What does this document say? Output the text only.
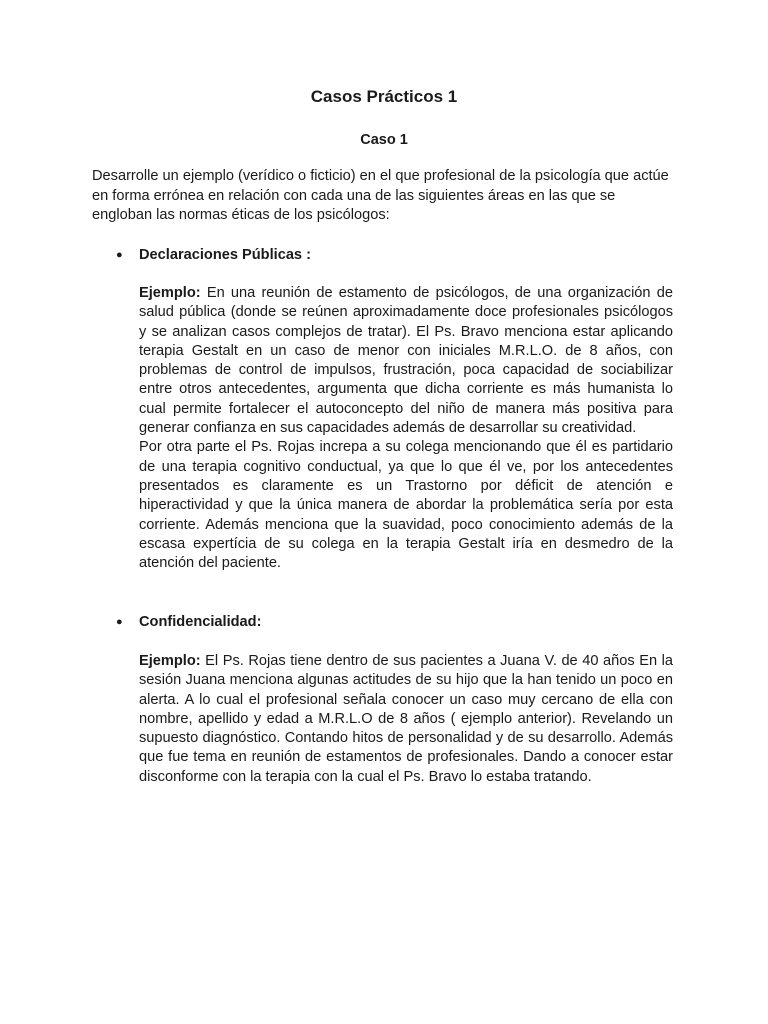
Casos Prácticos 1
Caso 1

Desarrolle un ejemplo (verídico o ficticio) en el que profesional de la psicología que actúe en forma errónea en relación con cada una de las siguientes áreas en las que se engloban las normas éticas de los psicólogos:

● Declaraciones Públicas :

Ejemplo: En una reunión de estamento de psicólogos, de una organización de salud pública (donde se reúnen aproximadamente doce profesionales psicólogos y se analizan casos complejos de tratar). El Ps. Bravo menciona estar aplicando terapia Gestalt en un caso de menor con iniciales M.R.L.O. de 8 años, con problemas de control de impulsos, frustración, poca capacidad de sociabilizar entre otros antecedentes, argumenta que dicha corriente es más humanista lo cual permite fortalecer el autoconcepto del niño de manera más positiva para generar confianza en sus capacidades además de desarrollar su creatividad.

Por otra parte el Ps. Rojas increpa a su colega mencionando que él es partidario de una terapia cognitivo conductual, ya que lo que él ve, por los antecedentes presentados es claramente es un Trastorno por déficit de atención e hiperactividad y que la única manera de abordar la problemática sería por esta corriente. Además menciona que la suavidad, poco conocimiento además de la escasa expertícia de su colega en la terapia Gestalt iría en desmedro de la atención del paciente.

● Confidencialidad:

Ejemplo: El Ps. Rojas tiene dentro de sus pacientes a Juana V. de 40 años En la sesión Juana menciona algunas actitudes de su hijo que la han tenido un poco en alerta. A lo cual el profesional señala conocer un caso muy cercano de ella con nombre, apellido y edad a M.R.L.O de 8 años ( ejemplo anterior). Revelando un supuesto diagnóstico. Contando hitos de personalidad y de su desarrollo. Además que fue tema en reunión de estamentos de profesionales. Dando a conocer estar disconforme con la terapia con la cual el Ps. Bravo lo estaba tratando.
